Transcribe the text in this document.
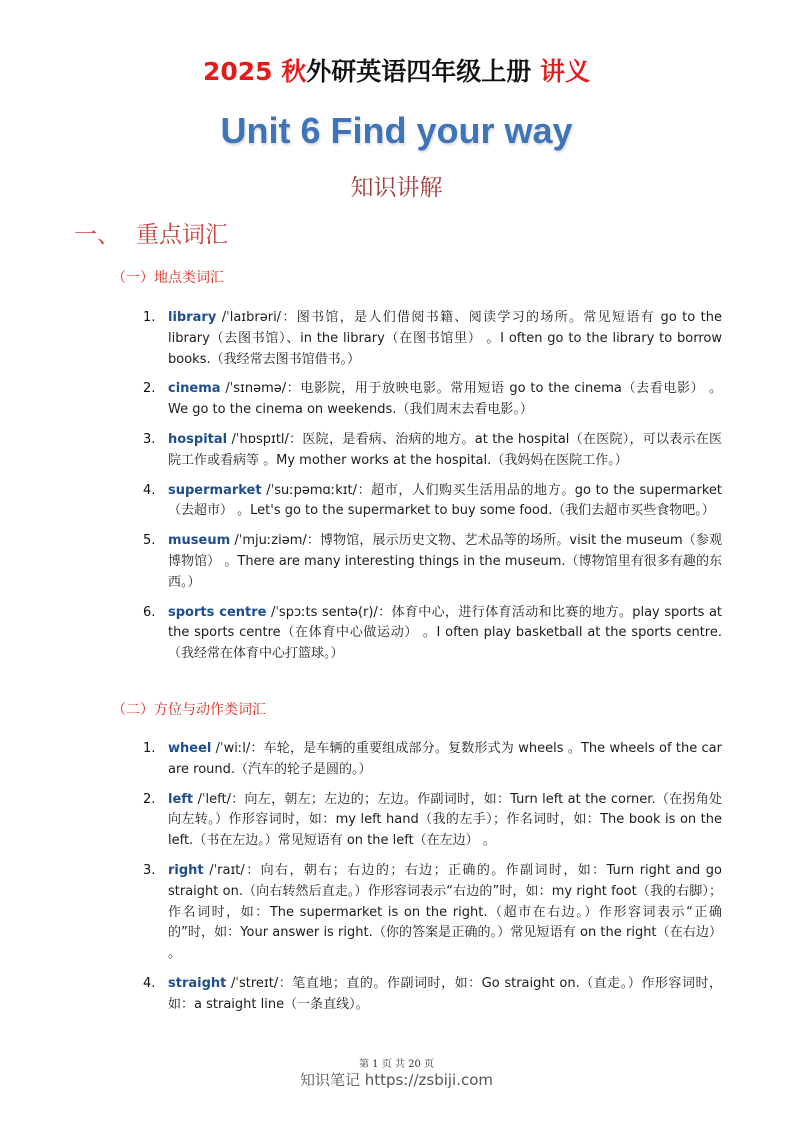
2025 秋外研英语四年级上册 讲义
Unit 6 Find your way
知识讲解
一、 重点词汇
（一）地点类词汇
1. library /ˈlaɪbrəri/：图书馆，是人们借阅书籍、阅读学习的场所。常见短语有 go to the library（去图书馆）、in the library（在图书馆里） 。I often go to the library to borrow books.（我经常去图书馆借书。）
2. cinema /ˈsɪnəmə/：电影院，用于放映电影。常用短语 go to the cinema（去看电影） 。We go to the cinema on weekends.（我们周末去看电影。）
3. hospital /ˈhɒspɪtl/：医院，是看病、治病的地方。at the hospital（在医院），可以表示在医院工作或看病等 。My mother works at the hospital.（我妈妈在医院工作。）
4. supermarket /ˈsuːpəmɑːkɪt/：超市，人们购买生活用品的地方。go to the supermarket（去超市） 。Let's go to the supermarket to buy some food.（我们去超市买些食物吧。）
5. museum /ˈmjuːziəm/：博物馆，展示历史文物、艺术品等的场所。visit the museum（参观博物馆） 。There are many interesting things in the museum.（博物馆里有很多有趣的东西。）
6. sports centre /ˈspɔːts sentə(r)/：体育中心，进行体育活动和比赛的地方。play sports at the sports centre（在体育中心做运动） 。I often play basketball at the sports centre.（我经常在体育中心打篮球。）
（二）方位与动作类词汇
1. wheel /ˈwiːl/：车轮，是车辆的重要组成部分。复数形式为 wheels 。The wheels of the car are round.（汽车的轮子是圆的。）
2. left /ˈleft/：向左，朝左；左边的；左边。作副词时，如：Turn left at the corner.（在拐角处向左转。）作形容词时，如：my left hand（我的左手）；作名词时，如：The book is on the left.（书在左边。）常见短语有 on the left（在左边） 。
3. right /ˈraɪt/：向右，朝右；右边的；右边；正确的。作副词时，如：Turn right and go straight on.（向右转然后直走。）作形容词表示“右边的”时，如：my right foot（我的右脚）；作名词时，如：The supermarket is on the right.（超市在右边。）作形容词表示“正确的”时，如：Your answer is right.（你的答案是正确的。）常见短语有 on the right（在右边） 。
4. straight /ˈstreɪt/：笔直地；直的。作副词时，如：Go straight on.（直走。）作形容词时，如：a straight line（一条直线）。
第 1 页 共 20 页
知识笔记 https://zsbiji.com
